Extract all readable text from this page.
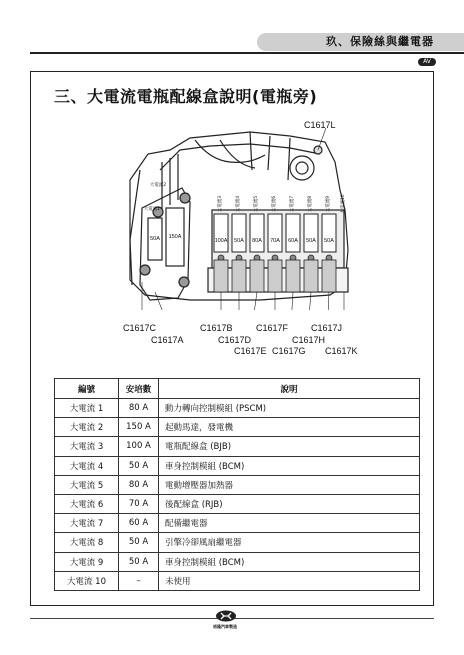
玖、保險絲與繼電器
AV
三、大電流電瓶配線盒說明(電瓶旁)
100A 50A 80A 70A 60A 50A 50A
50A 150A
大電流2
大電流1	大電流3	大電流4	大電流5	大電流6	大電流7	大電流8	大電流9	大電流10
C1617L
C1617C
C1617A
C1617B
C1617D
C1617E
C1617F
C1617G
C1617H
C1617J
C1617K
編號	安培數	說明
大電流 1	80 A	動力轉向控制模組 (PSCM)
大電流 2	150 A	起動馬達，發電機
大電流 3	100 A	電瓶配線盒 (BJB)
大電流 4	50 A	車身控制模組 (BCM)
大電流 5	80 A	電動增壓器加熱器
大電流 6	70 A	後配線盒 (RJB)
大電流 7	60 A	配備繼電器
大電流 8	50 A	引擎冷卻風扇繼電器
大電流 9	50 A	車身控制模組 (BCM)
大電流 10	–	未使用
裕隆汽車製造
